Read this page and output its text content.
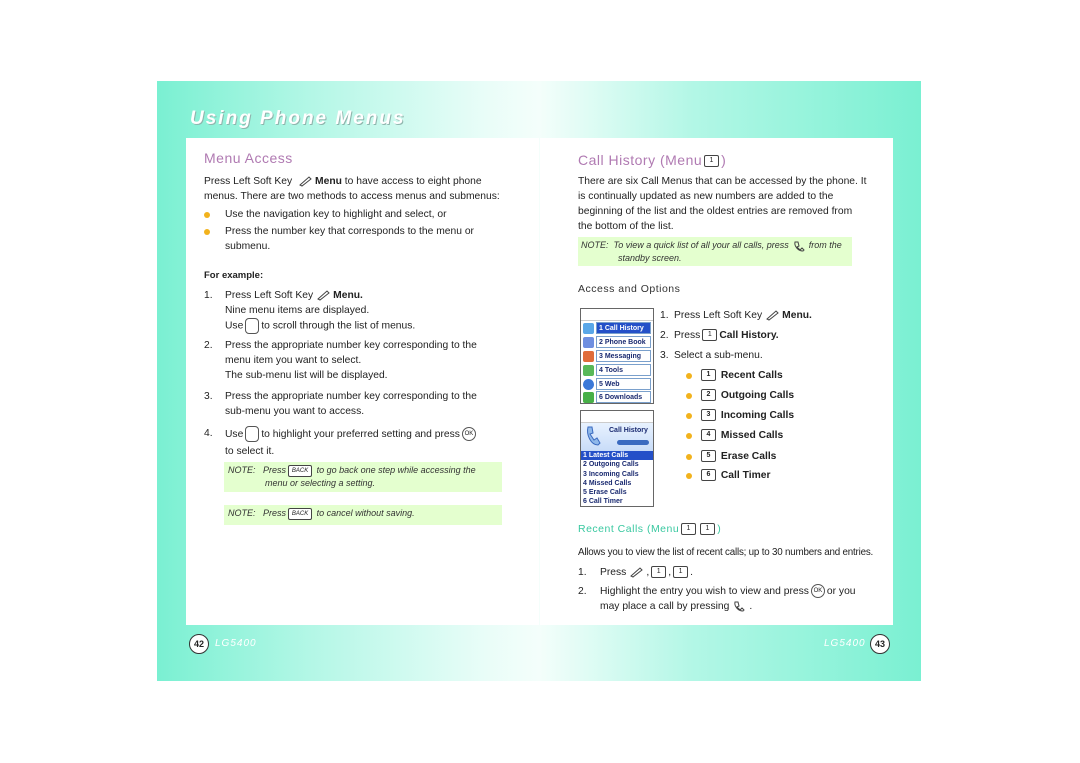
Using Phone Menus
Menu Access
Press Left Soft Key Menu to have access to eight phone
menus. There are two methods to access menus and submenus:
Use the navigation key to highlight and select, or
Press the number key that corresponds to the menu or
submenu.
For example:
1. Press Left Soft Key Menu.
Nine menu items are displayed.
Use to scroll through the list of menus.
2. Press the appropriate number key corresponding to the
menu item you want to select.
The sub-menu list will be displayed.
3. Press the appropriate number key corresponding to the
sub-menu you want to access.
4. Use to highlight your preferred setting and press OK
to select it.
NOTE: Press BACK to go back one step while accessing the
menu or selecting a setting.
NOTE: Press BACK to cancel without saving.
Call History (Menu 1 )
There are six Call Menus that can be accessed by the phone. It
is continually updated as new numbers are added to the
beginning of the list and the oldest entries are removed from
the bottom of the list.
NOTE: To view a quick list of all your all calls, press from the
standby screen.
Access and Options
1 Call History
2 Phone Book
3 Messaging
4 Tools
5 Web
6 Downloads
Call History
1 Latest Calls
2 Outgoing Calls
3 Incoming Calls
4 Missed Calls
5 Erase Calls
6 Call Timer
1. Press Left Soft Key Menu.
2. Press 1 Call History.
3. Select a sub-menu.
1 Recent Calls
2 Outgoing Calls
3 Incoming Calls
4 Missed Calls
5 Erase Calls
6 Call Timer
Recent Calls (Menu 1 1 )
Allows you to view the list of recent calls; up to 30 numbers and entries.
1. Press , 1 , 1 .
2. Highlight the entry you wish to view and press OK or you
may place a call by pressing .
42	LG5400	LG5400	43
